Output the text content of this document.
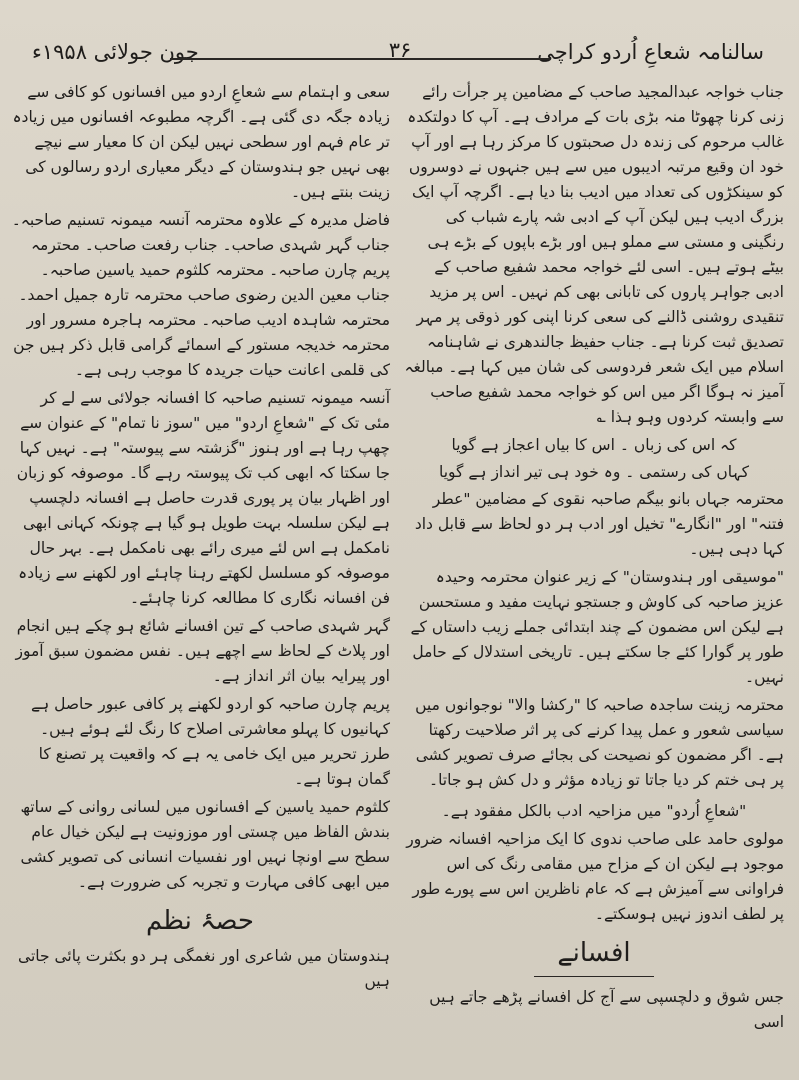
سالنامہ شعاعِ اُردو کراچی
۳۶
جون جولائی ۱۹۵۸ء

جناب خواجہ عبدالمجید صاحب کے مضامین پر جرأت رائے زنی کرنا چھوٹا منہ بڑی بات کے مرادف ہے۔ آپ کا دولتکدہ غالب مرحوم کی زندہ دل صحبتوں کا مرکز رہا ہے اور آپ خود ان وقیع مرتبہ ادیبوں میں سے ہیں جنہوں نے دوسروں کو سینکڑوں کی تعداد میں ادیب بنا دیا ہے۔ اگرچہ آپ ایک بزرگ ادیب ہیں لیکن آپ کے ادبی شہ پارے شباب کی رنگینی و مستی سے مملو ہیں اور بڑے باپوں کے بڑے ہی بیٹے ہوتے ہیں۔ اسی لئے خواجہ محمد شفیع صاحب کے ادبی جواہر پاروں کی تابانی بھی کم نہیں۔ اس پر مزید تنقیدی روشنی ڈالنے کی سعی کرنا اپنی کور ذوقی پر مہر تصدیق ثبت کرنا ہے۔ جناب حفیظ جالندھری نے شاہنامہ اسلام میں ایک شعر فردوسی کی شان میں کہا ہے۔ مبالغہ آمیز نہ ہوگا اگر میں اس کو خواجہ محمد شفیع صاحب سے وابستہ کردوں وہو ہذا ؎

کہ اس کی زباں ۔ اس کا بیاں اعجاز ہے گویا

کہاں کی رستمی ۔ وہ خود ہی تیر انداز ہے گویا

محترمہ جہاں بانو بیگم صاحبہ نقوی کے مضامین "عطر فتنہ" اور "انگارے" تخیل اور ادب ہر دو لحاظ سے قابل داد کہا دہی ہیں۔

"موسیقی اور ہندوستان" کے زیر عنوان محترمہ وحیدہ عزیز صاحبہ کی کاوش و جستجو نہایت مفید و مستحسن ہے لیکن اس مضمون کے چند ابتدائی جملے زیب داستاں کے طور پر گوارا کئے جا سکتے ہیں۔ تاریخی استدلال کے حامل نہیں۔

محترمہ زینت ساجدہ صاحبہ کا "رکشا والا" نوجوانوں میں سیاسی شعور و عمل پیدا کرنے کی پر اثر صلاحیت رکھتا ہے۔ اگر مضمون کو نصیحت کی بجائے صرف تصویر کشی پر ہی ختم کر دیا جاتا تو زیادہ مؤثر و دل کش ہو جاتا۔

"شعاعِ اُردو" میں مزاحیہ ادب بالکل مفقود ہے۔

مولوی حامد علی صاحب ندوی کا ایک مزاحیہ افسانہ ضرور موجود ہے لیکن ان کے مزاح میں مقامی رنگ کی اس فراوانی سے آمیزش ہے کہ عام ناظرین اس سے پورے طور پر لطف اندوز نہیں ہوسکتے۔

افسانے

جس شوق و دلچسپی سے آج کل افسانے پڑھے جاتے ہیں اسی

سعی و اہتمام سے شعاعِ اردو میں افسانوں کو کافی سے زیادہ جگہ دی گئی ہے۔ اگرچہ مطبوعہ افسانوں میں زیادہ تر عام فہم اور سطحی نہیں لیکن ان کا معیار سے نیچے بھی نہیں جو ہندوستان کے دیگر معیاری اردو رسالوں کی زینت بنتے ہیں۔

فاضل مدیرہ کے علاوہ محترمہ آنسہ میمونہ تسنیم صاحبہ۔ جناب گہر شہدی صاحب۔ جناب رفعت صاحب۔ محترمہ پریم چارن صاحبہ۔ محترمہ کلثوم حمید یاسین صاحبہ۔ جناب معین الدین رضوی صاحب محترمہ تارہ جمیل احمد۔ محترمہ شاہدہ ادیب صاحبہ۔ محترمہ ہاجرہ مسرور اور محترمہ خدیجہ مستور کے اسمائے گرامی قابل ذکر ہیں جن کی قلمی اعانت حیات جریدہ کا موجب رہی ہے۔

آنسہ میمونہ تسنیم صاحبہ کا افسانہ جولائی سے لے کر مئی تک کے "شعاعِ اردو" میں "سوز نا تمام" کے عنوان سے چھپ رہا ہے اور ہنوز "گزشتہ سے پیوستہ" ہے۔ نہیں کہا جا سکتا کہ ابھی کب تک پیوستہ رہے گا۔ موصوفہ کو زبان اور اظہار بیان پر پوری قدرت حاصل ہے افسانہ دلچسپ ہے لیکن سلسلہ بہت طویل ہو گیا ہے چونکہ کہانی ابھی نامکمل ہے اس لئے میری رائے بھی نامکمل ہے۔ بہر حال موصوفہ کو مسلسل لکھتے رہنا چاہئے اور لکھنے سے زیادہ فن افسانہ نگاری کا مطالعہ کرنا چاہئے۔

گہر شہدی صاحب کے تین افسانے شائع ہو چکے ہیں انجام اور پلاٹ کے لحاظ سے اچھے ہیں۔ نفس مضمون سبق آموز اور پیرایہ بیان اثر انداز ہے۔

پریم چارن صاحبہ کو اردو لکھنے پر کافی عبور حاصل ہے کہانیوں کا پہلو معاشرتی اصلاح کا رنگ لئے ہوئے ہیں۔ طرز تحریر میں ایک خامی یہ ہے کہ واقعیت پر تصنع کا گمان ہوتا ہے۔

کلثوم حمید یاسین کے افسانوں میں لسانی روانی کے ساتھ بندش الفاظ میں چستی اور موزونیت ہے لیکن خیال عام سطح سے اونچا نہیں اور نفسیات انسانی کی تصویر کشی میں ابھی کافی مہارت و تجربہ کی ضرورت ہے۔

حصۂ نظم

ہندوستان میں شاعری اور نغمگی ہر دو بکثرت پائی جاتی ہیں
